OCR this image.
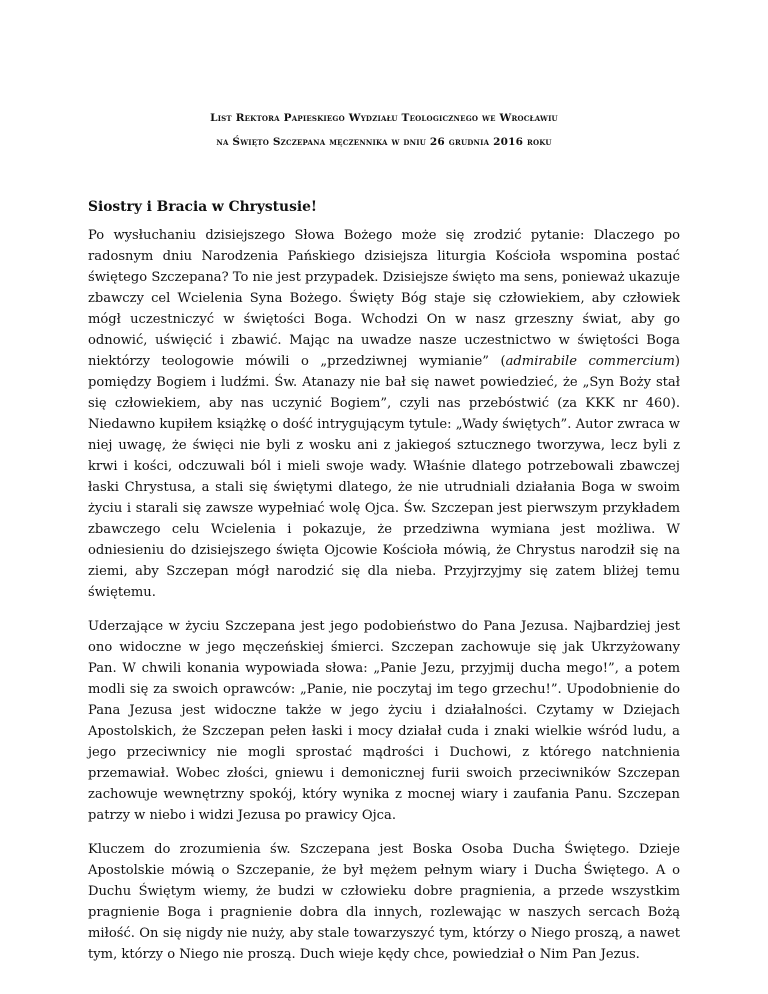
List Rektora Papieskiego Wydziału Teologicznego we Wrocławiu
na Święto Szczepana męczennika w dniu 26 grudnia 2016 roku
Siostry i Bracia w Chrystusie!

Po wysłuchaniu dzisiejszego Słowa Bożego może się zrodzić pytanie: Dlaczego po radosnym dniu Narodzenia Pańskiego dzisiejsza liturgia Kościoła wspomina postać świętego Szczepana? To nie jest przypadek. Dzisiejsze święto ma sens, ponieważ ukazuje zbawczy cel Wcielenia Syna Bożego. Święty Bóg staje się człowiekiem, aby człowiek mógł uczestniczyć w świętości Boga. Wchodzi On w nasz grzeszny świat, aby go odnowić, uświęcić i zbawić. Mając na uwadze nasze uczestnictwo w świętości Boga niektórzy teologowie mówili o „przedziwnej wymianie” (admirabile commercium) pomiędzy Bogiem i ludźmi. Św. Atanazy nie bał się nawet powiedzieć, że „Syn Boży stał się człowiekiem, aby nas uczynić Bogiem”, czyli nas przebóstwić (za KKK nr 460). Niedawno kupiłem książkę o dość intrygującym tytule: „Wady świętych”. Autor zwraca w niej uwagę, że święci nie byli z wosku ani z jakiegoś sztucznego tworzywa, lecz byli z krwi i kości, odczuwali ból i mieli swoje wady. Właśnie dlatego potrzebowali zbawczej łaski Chrystusa, a stali się świętymi dlatego, że nie utrudniali działania Boga w swoim życiu i starali się zawsze wypełniać wolę Ojca. Św. Szczepan jest pierwszym przykładem zbawczego celu Wcielenia i pokazuje, że przedziwna wymiana jest możliwa. W odniesieniu do dzisiejszego święta Ojcowie Kościoła mówią, że Chrystus narodził się na ziemi, aby Szczepan mógł narodzić się dla nieba. Przyjrzyjmy się zatem bliżej temu świętemu.

Uderzające w życiu Szczepana jest jego podobieństwo do Pana Jezusa. Najbardziej jest ono widoczne w jego męczeńskiej śmierci. Szczepan zachowuje się jak Ukrzyżowany Pan. W chwili konania wypowiada słowa: „Panie Jezu, przyjmij ducha mego!”, a potem modli się za swoich oprawców: „Panie, nie poczytaj im tego grzechu!”. Upodobnienie do Pana Jezusa jest widoczne także w jego życiu i działalności. Czytamy w Dziejach Apostolskich, że Szczepan pełen łaski i mocy działał cuda i znaki wielkie wśród ludu, a jego przeciwnicy nie mogli sprostać mądrości i Duchowi, z którego natchnienia przemawiał. Wobec złości, gniewu i demonicznej furii swoich przeciwników Szczepan zachowuje wewnętrzny spokój, który wynika z mocnej wiary i zaufania Panu. Szczepan patrzy w niebo i widzi Jezusa po prawicy Ojca.

Kluczem do zrozumienia św. Szczepana jest Boska Osoba Ducha Świętego. Dzieje Apostolskie mówią o Szczepanie, że był mężem pełnym wiary i Ducha Świętego. A o Duchu Świętym wiemy, że budzi w człowieku dobre pragnienia, a przede wszystkim pragnienie Boga i pragnienie dobra dla innych, rozlewając w naszych sercach Bożą miłość. On się nigdy nie nuży, aby stale towarzyszyć tym, którzy o Niego proszą, a nawet tym, którzy o Niego nie proszą. Duch wieje kędy chce, powiedział o Nim Pan Jezus.
